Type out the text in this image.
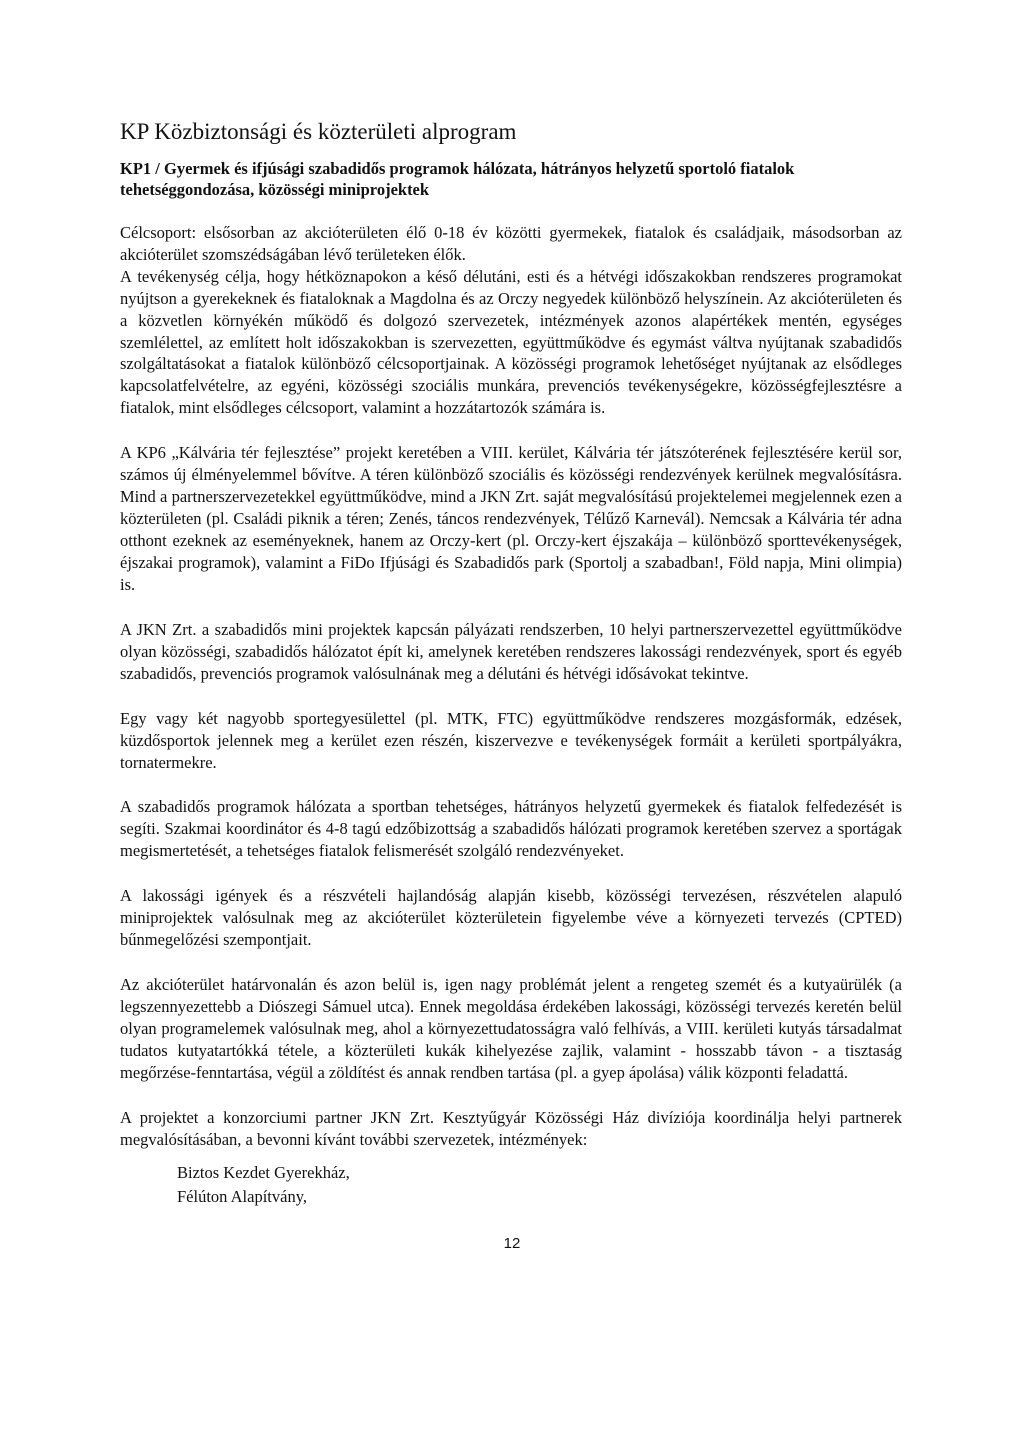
KP Közbiztonsági és közterületi alprogram
KP1 / Gyermek és ifjúsági szabadidős programok hálózata, hátrányos helyzetű sportoló fiatalok tehetséggondozása, közösségi miniprojektek

Célcsoport: elsősorban az akcióterületen élő 0-18 év közötti gyermekek, fiatalok és családjaik, másodsorban az akcióterület szomszédságában lévő területeken élők.

A tevékenység célja, hogy hétköznapokon a késő délutáni, esti és a hétvégi időszakokban rendszeres programokat nyújtson a gyerekeknek és fiataloknak a Magdolna és az Orczy negyedek különböző helyszínein. Az akcióterületen és a közvetlen környékén működő és dolgozó szervezetek, intézmények azonos alapértékek mentén, egységes szemlélettel, az említett holt időszakokban is szervezetten, együttműködve és egymást váltva nyújtanak szabadidős szolgáltatásokat a fiatalok különböző célcsoportjainak. A közösségi programok lehetőséget nyújtanak az elsődleges kapcsolatfelvételre, az egyéni, közösségi szociális munkára, prevenciós tevékenységekre, közösségfejlesztésre a fiatalok, mint elsődleges célcsoport, valamint a hozzátartozók számára is.

A KP6 „Kálvária tér fejlesztése” projekt keretében a VIII. kerület, Kálvária tér játszóterének fejlesztésére kerül sor, számos új élményelemmel bővítve. A téren különböző szociális és közösségi rendezvények kerülnek megvalósításra. Mind a partnerszervezetekkel együttműködve, mind a JKN Zrt. saját megvalósítású projektelemei megjelennek ezen a közterületen (pl. Családi piknik a téren; Zenés, táncos rendezvények, Télűző Karnevál). Nemcsak a Kálvária tér adna otthont ezeknek az eseményeknek, hanem az Orczy-kert (pl. Orczy-kert éjszakája – különböző sporttevékenységek, éjszakai programok), valamint a FiDo Ifjúsági és Szabadidős park (Sportolj a szabadban!, Föld napja, Mini olimpia) is.

A JKN Zrt. a szabadidős mini projektek kapcsán pályázati rendszerben, 10 helyi partnerszervezettel együttműködve olyan közösségi, szabadidős hálózatot épít ki, amelynek keretében rendszeres lakossági rendezvények, sport és egyéb szabadidős, prevenciós programok valósulnának meg a délutáni és hétvégi idősávokat tekintve.

Egy vagy két nagyobb sportegyesülettel (pl. MTK, FTC) együttműködve rendszeres mozgásformák, edzések, küzdősportok jelennek meg a kerület ezen részén, kiszervezve e tevékenységek formáit a kerületi sportpályákra, tornatermekre.

A szabadidős programok hálózata a sportban tehetséges, hátrányos helyzetű gyermekek és fiatalok felfedezését is segíti. Szakmai koordinátor és 4-8 tagú edzőbizottság a szabadidős hálózati programok keretében szervez a sportágak megismertetését, a tehetséges fiatalok felismerését szolgáló rendezvényeket.

A lakossági igények és a részvételi hajlandóság alapján kisebb, közösségi tervezésen, részvételen alapuló miniprojektek valósulnak meg az akcióterület közterületein figyelembe véve a környezeti tervezés (CPTED) bűnmegelőzési szempontjait.

Az akcióterület határvonalán és azon belül is, igen nagy problémát jelent a rengeteg szemét és a kutyaürülék (a legszennyezettebb a Diószegi Sámuel utca). Ennek megoldása érdekében lakossági, közösségi tervezés keretén belül olyan programelemek valósulnak meg, ahol a környezettudatosságra való felhívás, a VIII. kerületi kutyás társadalmat tudatos kutyatartókká tétele, a közterületi kukák kihelyezése zajlik, valamint - hosszabb távon - a tisztaság megőrzése-fenntartása, végül a zöldítést és annak rendben tartása (pl. a gyep ápolása) válik központi feladattá.

A projektet a konzorciumi partner JKN Zrt. Kesztyűgyár Közösségi Ház divíziója koordinálja helyi partnerek megvalósításában, a bevonni kívánt további szervezetek, intézmények:

Biztos Kezdet Gyerekház,
Félúton Alapítvány,
12
